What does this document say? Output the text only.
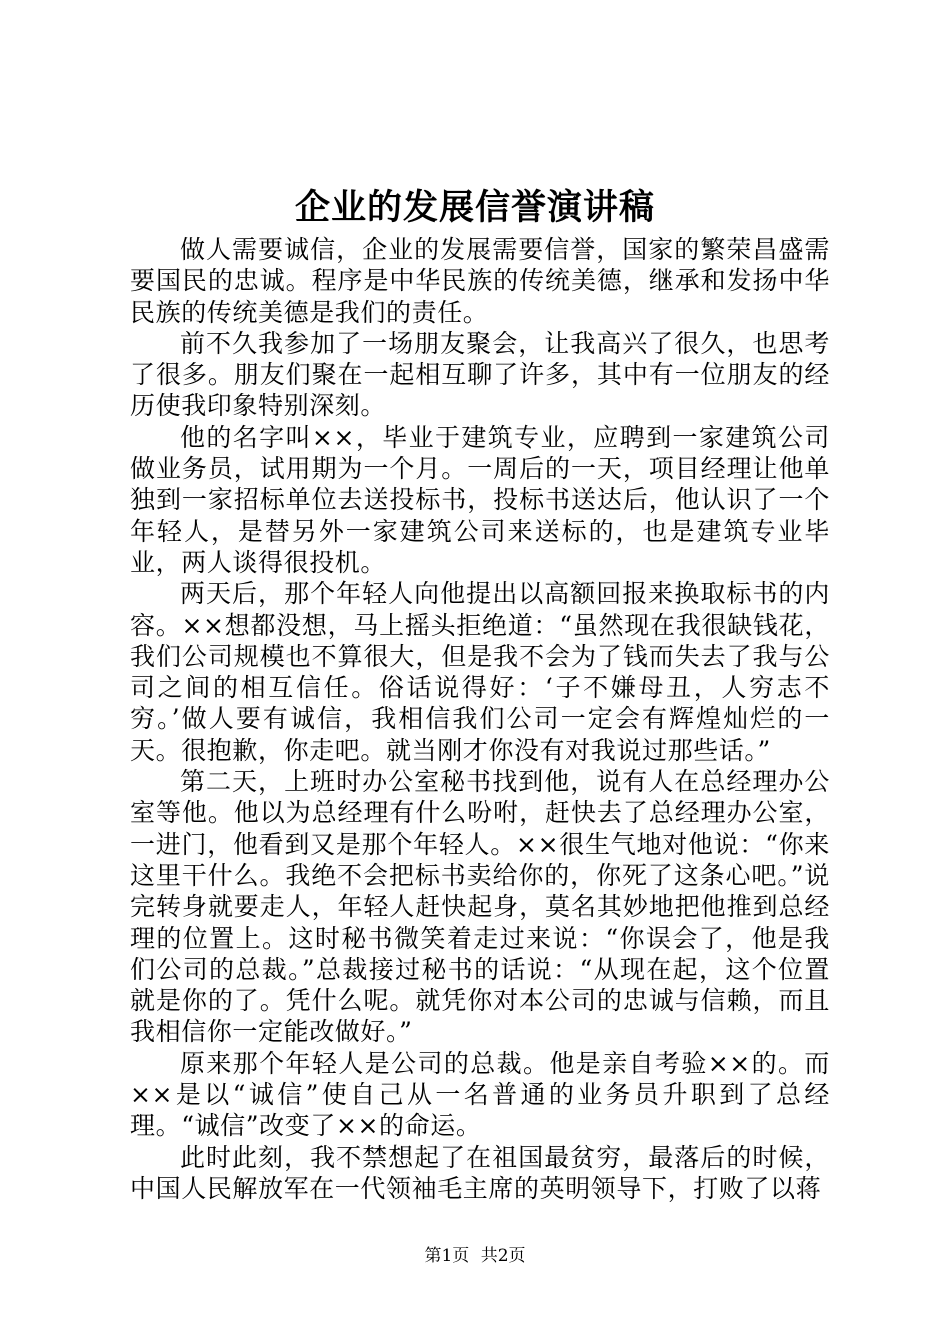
企业的发展信誉演讲稿

做人需要诚信，企业的发展需要信誉，国家的繁荣昌盛需要国民的忠诚。程序是中华民族的传统美德，继承和发扬中华民族的传统美德是我们的责任。

前不久我参加了一场朋友聚会，让我高兴了很久，也思考了很多。朋友们聚在一起相互聊了许多，其中有一位朋友的经历使我印象特别深刻。

他的名字叫××，毕业于建筑专业，应聘到一家建筑公司做业务员，试用期为一个月。一周后的一天，项目经理让他单独到一家招标单位去送投标书，投标书送达后，他认识了一个年轻人，是替另外一家建筑公司来送标的，也是建筑专业毕业，两人谈得很投机。

两天后，那个年轻人向他提出以高额回报来换取标书的内容。××想都没想，马上摇头拒绝道：“虽然现在我很缺钱花，我们公司规模也不算很大，但是我不会为了钱而失去了我与公司之间的相互信任。俗话说得好：‘子不嫌母丑，人穷志不穷。’做人要有诚信，我相信我们公司一定会有辉煌灿烂的一天。很抱歉，你走吧。就当刚才你没有对我说过那些话。”

第二天，上班时办公室秘书找到他，说有人在总经理办公室等他。他以为总经理有什么吩咐，赶快去了总经理办公室，一进门，他看到又是那个年轻人。××很生气地对他说：“你来这里干什么。我绝不会把标书卖给你的，你死了这条心吧。”说完转身就要走人，年轻人赶快起身，莫名其妙地把他推到总经理的位置上。这时秘书微笑着走过来说：“你误会了，他是我们公司的总裁。”总裁接过秘书的话说：“从现在起，这个位置就是你的了。凭什么呢。就凭你对本公司的忠诚与信赖，而且我相信你一定能改做好。”

原来那个年轻人是公司的总裁。他是亲自考验××的。而××是以“诚信”使自己从一名普通的业务员升职到了总经理。“诚信”改变了××的命运。

此时此刻，我不禁想起了在祖国最贫穷，最落后的时候，中国人民解放军在一代领袖毛主席的英明领导下，打败了以蒋

第1页 共2页
